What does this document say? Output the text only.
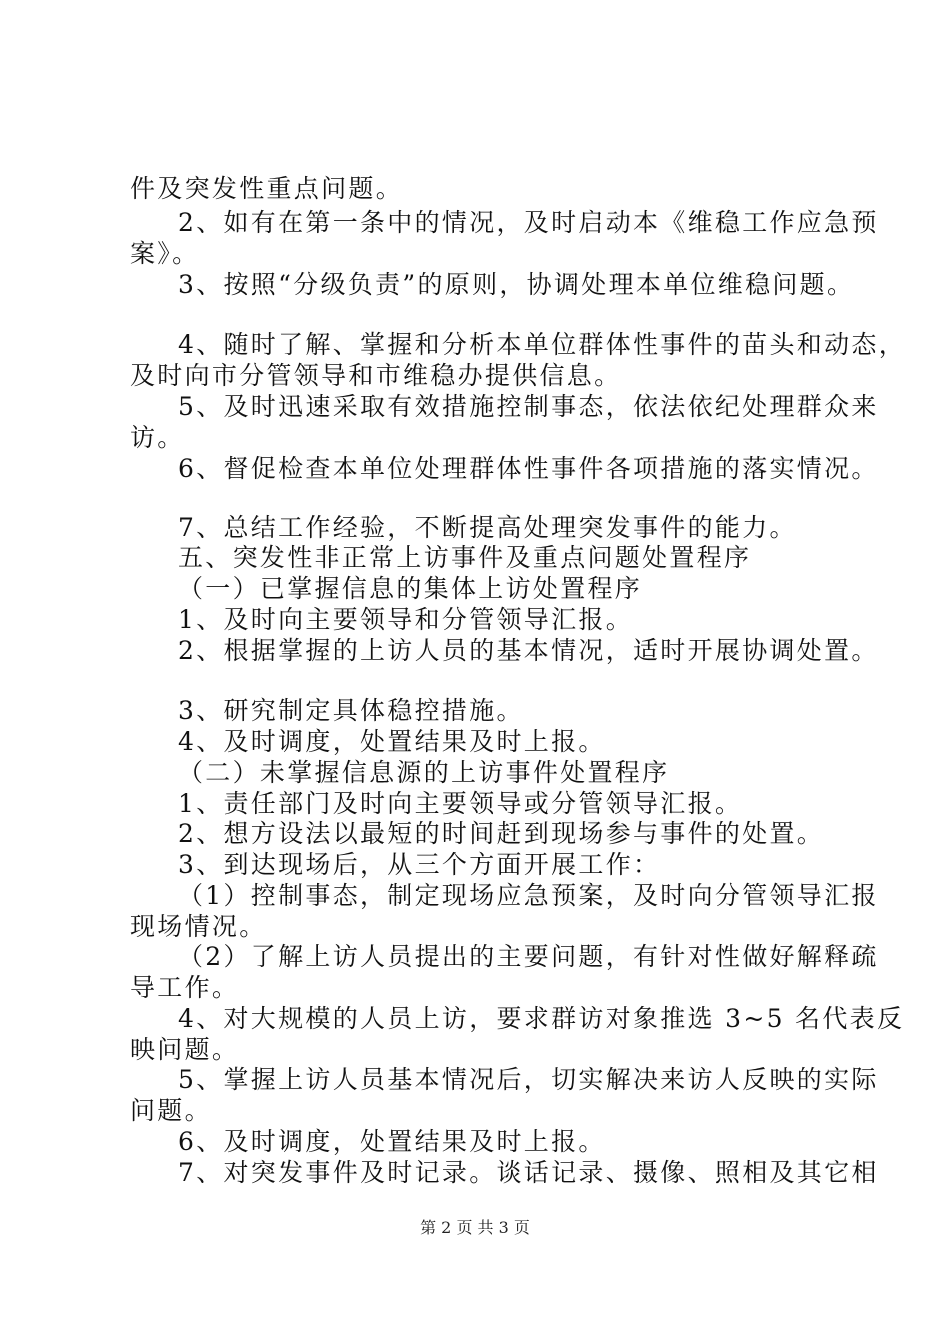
件及突发性重点问题。

2、如有在第一条中的情况，及时启动本《维稳工作应急预

案》。

3、按照“分级负责”的原则，协调处理本单位维稳问题。

4、随时了解、掌握和分析本单位群体性事件的苗头和动态，

及时向市分管领导和市维稳办提供信息。

5、及时迅速采取有效措施控制事态，依法依纪处理群众来

访。

6、督促检查本单位处理群体性事件各项措施的落实情况。

7、总结工作经验，不断提高处理突发事件的能力。

五、突发性非正常上访事件及重点问题处置程序

（一）已掌握信息的集体上访处置程序

1、及时向主要领导和分管领导汇报。

2、根据掌握的上访人员的基本情况，适时开展协调处置。

3、研究制定具体稳控措施。

4、及时调度，处置结果及时上报。

（二）未掌握信息源的上访事件处置程序

1、责任部门及时向主要领导或分管领导汇报。

2、想方设法以最短的时间赶到现场参与事件的处置。

3、到达现场后，从三个方面开展工作：

（1）控制事态，制定现场应急预案，及时向分管领导汇报

现场情况。

（2）了解上访人员提出的主要问题，有针对性做好解释疏

导工作。

4、对大规模的人员上访，要求群访对象推选 3~5 名代表反

映问题。

5、掌握上访人员基本情况后，切实解决来访人反映的实际

问题。

6、及时调度，处置结果及时上报。

7、对突发事件及时记录。谈话记录、摄像、照相及其它相

第 2 页 共 3 页
